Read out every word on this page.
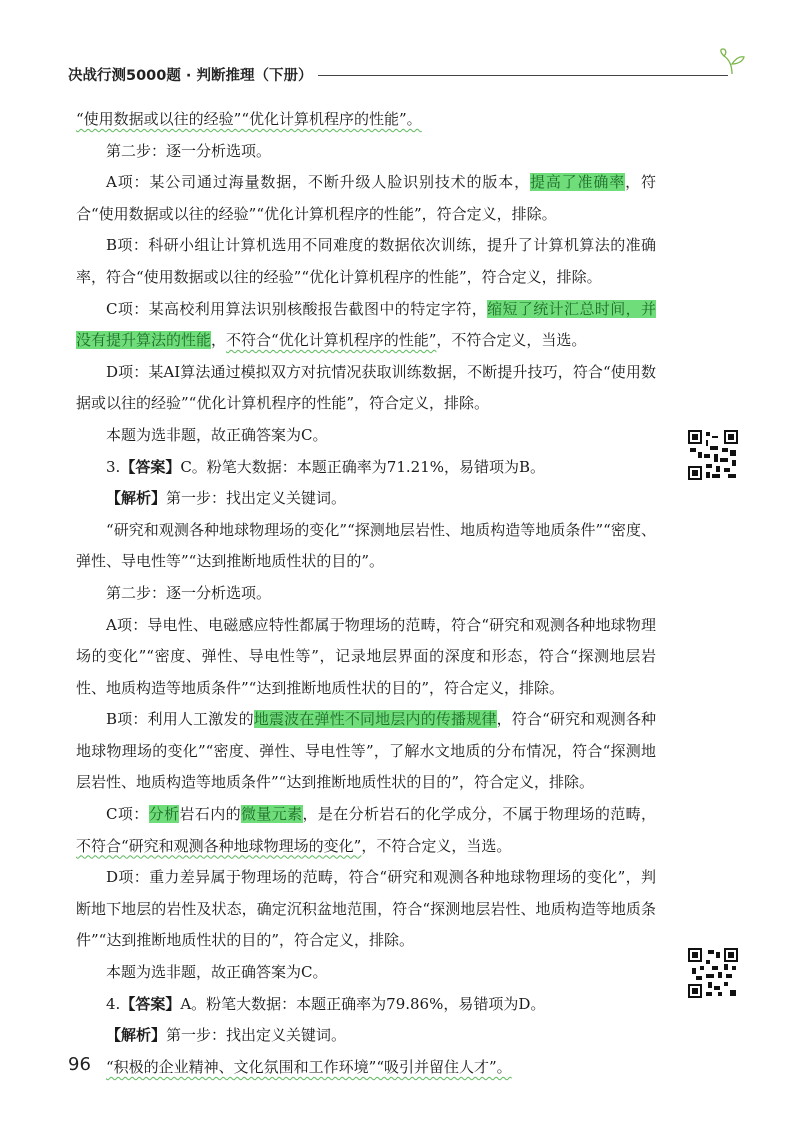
决战行测5000题 · 判断推理（下册）

“使用数据或以往的经验”“优化计算机程序的性能”。

第二步：逐一分析选项。

A项：某公司通过海量数据，不断升级人脸识别技术的版本，提高了准确率，符合“使用数据或以往的经验”“优化计算机程序的性能”，符合定义，排除。

B项：科研小组让计算机选用不同难度的数据依次训练，提升了计算机算法的准确率，符合“使用数据或以往的经验”“优化计算机程序的性能”，符合定义，排除。

C项：某高校利用算法识别核酸报告截图中的特定字符，缩短了统计汇总时间，并没有提升算法的性能，不符合“优化计算机程序的性能”，不符合定义，当选。

D项：某AI算法通过模拟双方对抗情况获取训练数据，不断提升技巧，符合“使用数据或以往的经验”“优化计算机程序的性能”，符合定义，排除。

本题为选非题，故正确答案为C。

3.【答案】C。粉笔大数据：本题正确率为71.21%，易错项为B。

【解析】第一步：找出定义关键词。

“研究和观测各种地球物理场的变化”“探测地层岩性、地质构造等地质条件”“密度、弹性、导电性等”“达到推断地质性状的目的”。

第二步：逐一分析选项。

A项：导电性、电磁感应特性都属于物理场的范畴，符合“研究和观测各种地球物理场的变化”“密度、弹性、导电性等”，记录地层界面的深度和形态，符合“探测地层岩性、地质构造等地质条件”“达到推断地质性状的目的”，符合定义，排除。

B项：利用人工激发的地震波在弹性不同地层内的传播规律，符合“研究和观测各种地球物理场的变化”“密度、弹性、导电性等”，了解水文地质的分布情况，符合“探测地层岩性、地质构造等地质条件”“达到推断地质性状的目的”，符合定义，排除。

C项：分析岩石内的微量元素，是在分析岩石的化学成分，不属于物理场的范畴，不符合“研究和观测各种地球物理场的变化”，不符合定义，当选。

D项：重力差异属于物理场的范畴，符合“研究和观测各种地球物理场的变化”，判断地下地层的岩性及状态，确定沉积盆地范围，符合“探测地层岩性、地质构造等地质条件”“达到推断地质性状的目的”，符合定义，排除。

本题为选非题，故正确答案为C。

4.【答案】A。粉笔大数据：本题正确率为79.86%，易错项为D。

【解析】第一步：找出定义关键词。

“积极的企业精神、文化氛围和工作环境”“吸引并留住人才”。

96
